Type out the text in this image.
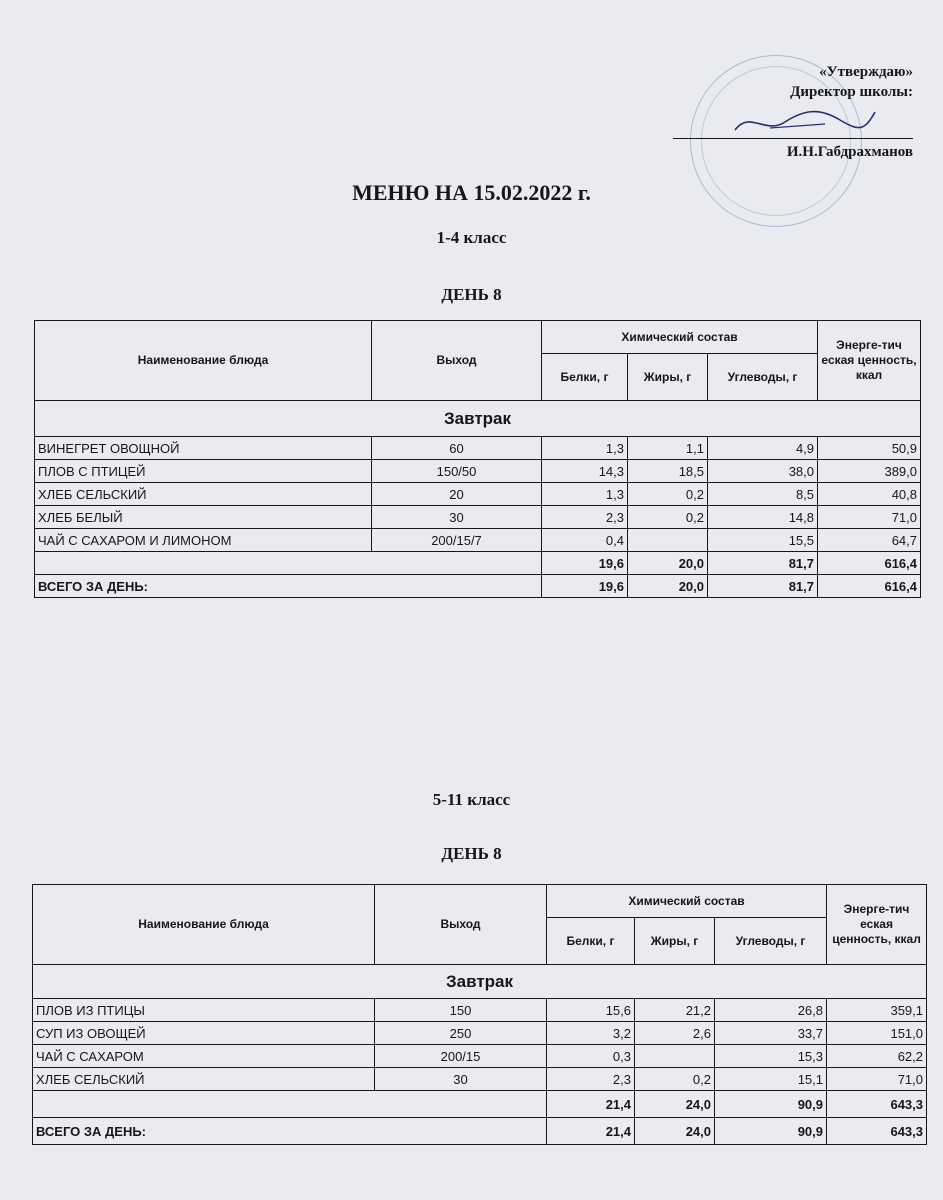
«Утверждаю»
Директор школы:
И.Н.Габдрахманов
МЕНЮ НА 15.02.2022 г.
1-4 класс
ДЕНЬ 8
Наименование блюда	Выход	Химический состав			Энерге-тич еская ценность, ккал
		Белки, г	Жиры, г	Углеводы, г	
Завтрак					
ВИНЕГРЕТ ОВОЩНОЙ	60	1,3	1,1	4,9	50,9
ПЛОВ С ПТИЦЕЙ	150/50	14,3	18,5	38,0	389,0
ХЛЕБ СЕЛЬСКИЙ	20	1,3	0,2	8,5	40,8
ХЛЕБ БЕЛЫЙ	30	2,3	0,2	14,8	71,0
ЧАЙ С САХАРОМ И ЛИМОНОМ	200/15/7	0,4		15,5	64,7
		19,6	20,0	81,7	616,4
ВСЕГО ЗА ДЕНЬ:		19,6	20,0	81,7	616,4
5-11 класс
ДЕНЬ 8
Наименование блюда	Выход	Химический состав			Энерге-тич еская ценность, ккал
		Белки, г	Жиры, г	Углеводы, г	
Завтрак					
ПЛОВ ИЗ ПТИЦЫ	150	15,6	21,2	26,8	359,1
СУП ИЗ ОВОЩЕЙ	250	3,2	2,6	33,7	151,0
ЧАЙ С САХАРОМ	200/15	0,3		15,3	62,2
ХЛЕБ СЕЛЬСКИЙ	30	2,3	0,2	15,1	71,0
		21,4	24,0	90,9	643,3
ВСЕГО ЗА ДЕНЬ:		21,4	24,0	90,9	643,3
